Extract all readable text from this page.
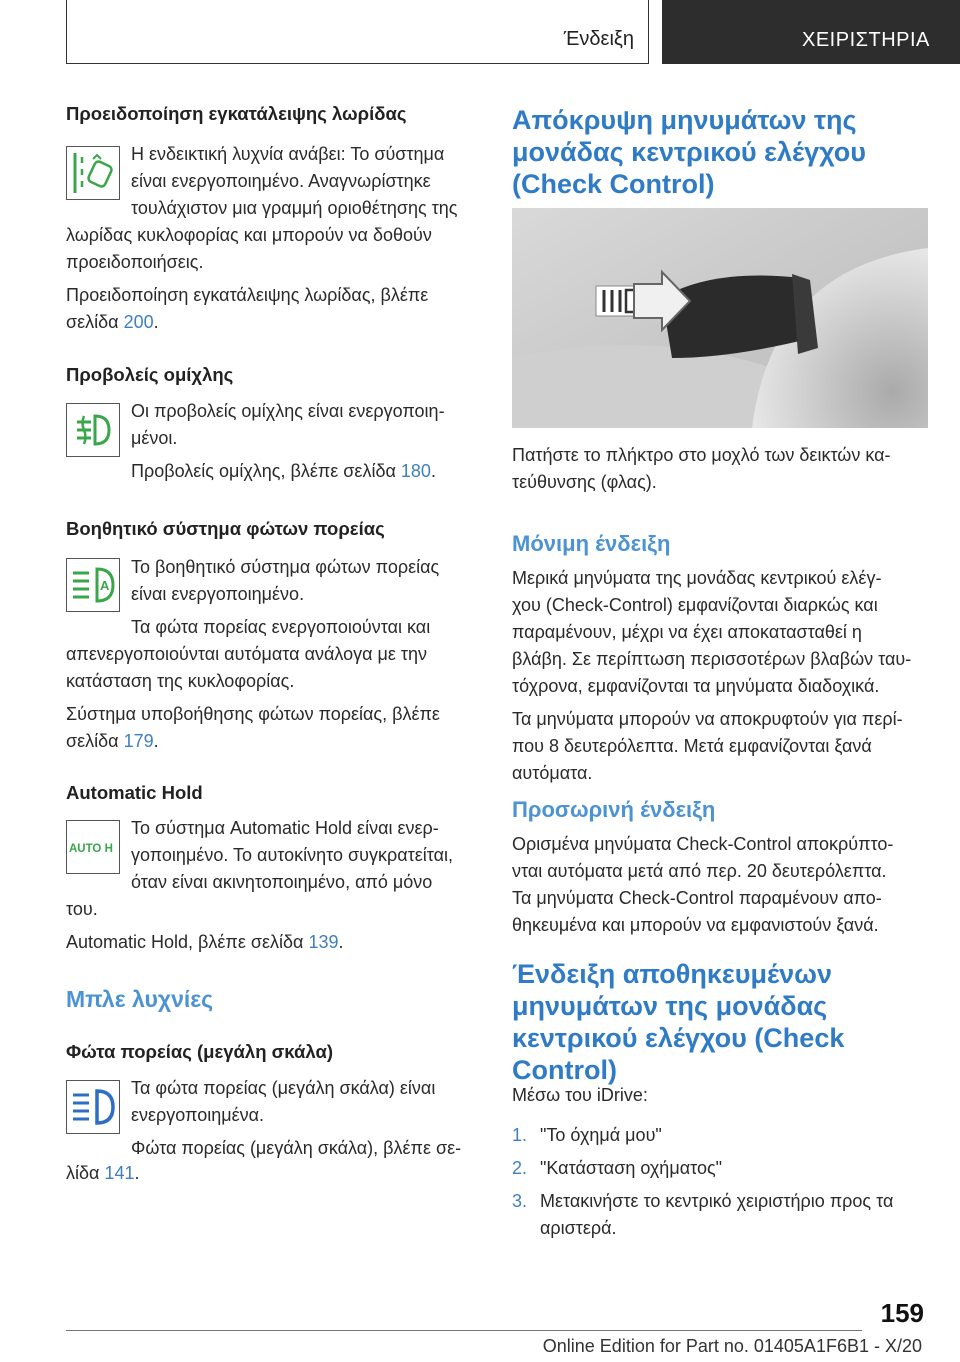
Ένδειξη	ΧΕΙΡΙΣΤΗΡΙΑ

Προειδοποίηση εγκατάλειψης λωρίδας

Η ενδεικτική λυχνία ανάβει: Το σύστημα

είναι ενεργοποιημένο. Αναγνωρίστηκε

τουλάχιστον μια γραμμή οριοθέτησης της

λωρίδας κυκλοφορίας και μπορούν να δοθούν

προειδοποιήσεις.

Προειδοποίηση εγκατάλειψης λωρίδας, βλέπε

σελίδα 200.

Προβολείς ομίχλης

Οι προβολείς ομίχλης είναι ενεργοποιη-

μένοι.

Προβολείς ομίχλης, βλέπε σελίδα 180.

Βοηθητικό σύστημα φώτων πορείας

A

Το βοηθητικό σύστημα φώτων πορείας

είναι ενεργοποιημένο.

Τα φώτα πορείας ενεργοποιούνται και

απενεργοποιούνται αυτόματα ανάλογα με την

κατάσταση της κυκλοφορίας.

Σύστημα υποβοήθησης φώτων πορείας, βλέπε

σελίδα 179.

Automatic Hold

AUTO H

Το σύστημα Automatic Hold είναι ενερ-

γοποιημένο. Το αυτοκίνητο συγκρατείται,

όταν είναι ακινητοποιημένο, από μόνο

του.

Automatic Hold, βλέπε σελίδα 139.

Μπλε λυχνίες

Φώτα πορείας (μεγάλη σκάλα)

Τα φώτα πορείας (μεγάλη σκάλα) είναι

ενεργοποιημένα.

Φώτα πορείας (μεγάλη σκάλα), βλέπε σε-

λίδα 141.

Απόκρυψη μηνυμάτων της

μονάδας κεντρικού ελέγχου

(Check Control)

Πατήστε το πλήκτρο στο μοχλό των δεικτών κα-

τεύθυνσης (φλας).

Μόνιμη ένδειξη

Μερικά μηνύματα της μονάδας κεντρικού ελέγ-

χου (Check-Control) εμφανίζονται διαρκώς και

παραμένουν, μέχρι να έχει αποκατασταθεί η

βλάβη. Σε περίπτωση περισσοτέρων βλαβών ταυ-

τόχρονα, εμφανίζονται τα μηνύματα διαδοχικά.

Τα μηνύματα μπορούν να αποκρυφτούν για περί-

που 8 δευτερόλεπτα. Μετά εμφανίζονται ξανά

αυτόματα.

Προσωρινή ένδειξη

Ορισμένα μηνύματα Check-Control αποκρύπτο-

νται αυτόματα μετά από περ. 20 δευτερόλεπτα.

Τα μηνύματα Check-Control παραμένουν απο-

θηκευμένα και μπορούν να εμφανιστούν ξανά.

Ένδειξη αποθηκευμένων

μηνυμάτων της μονάδας

κεντρικού ελέγχου (Check

Control)

Μέσω του iDrive:

1. "Το όχημά μου"
2. "Κατάσταση οχήματος"
3. Μετακινήστε το κεντρικό χειριστήριο προς τα

αριστερά.

159
Online Edition for Part no. 01405A1F6B1 - X/20
